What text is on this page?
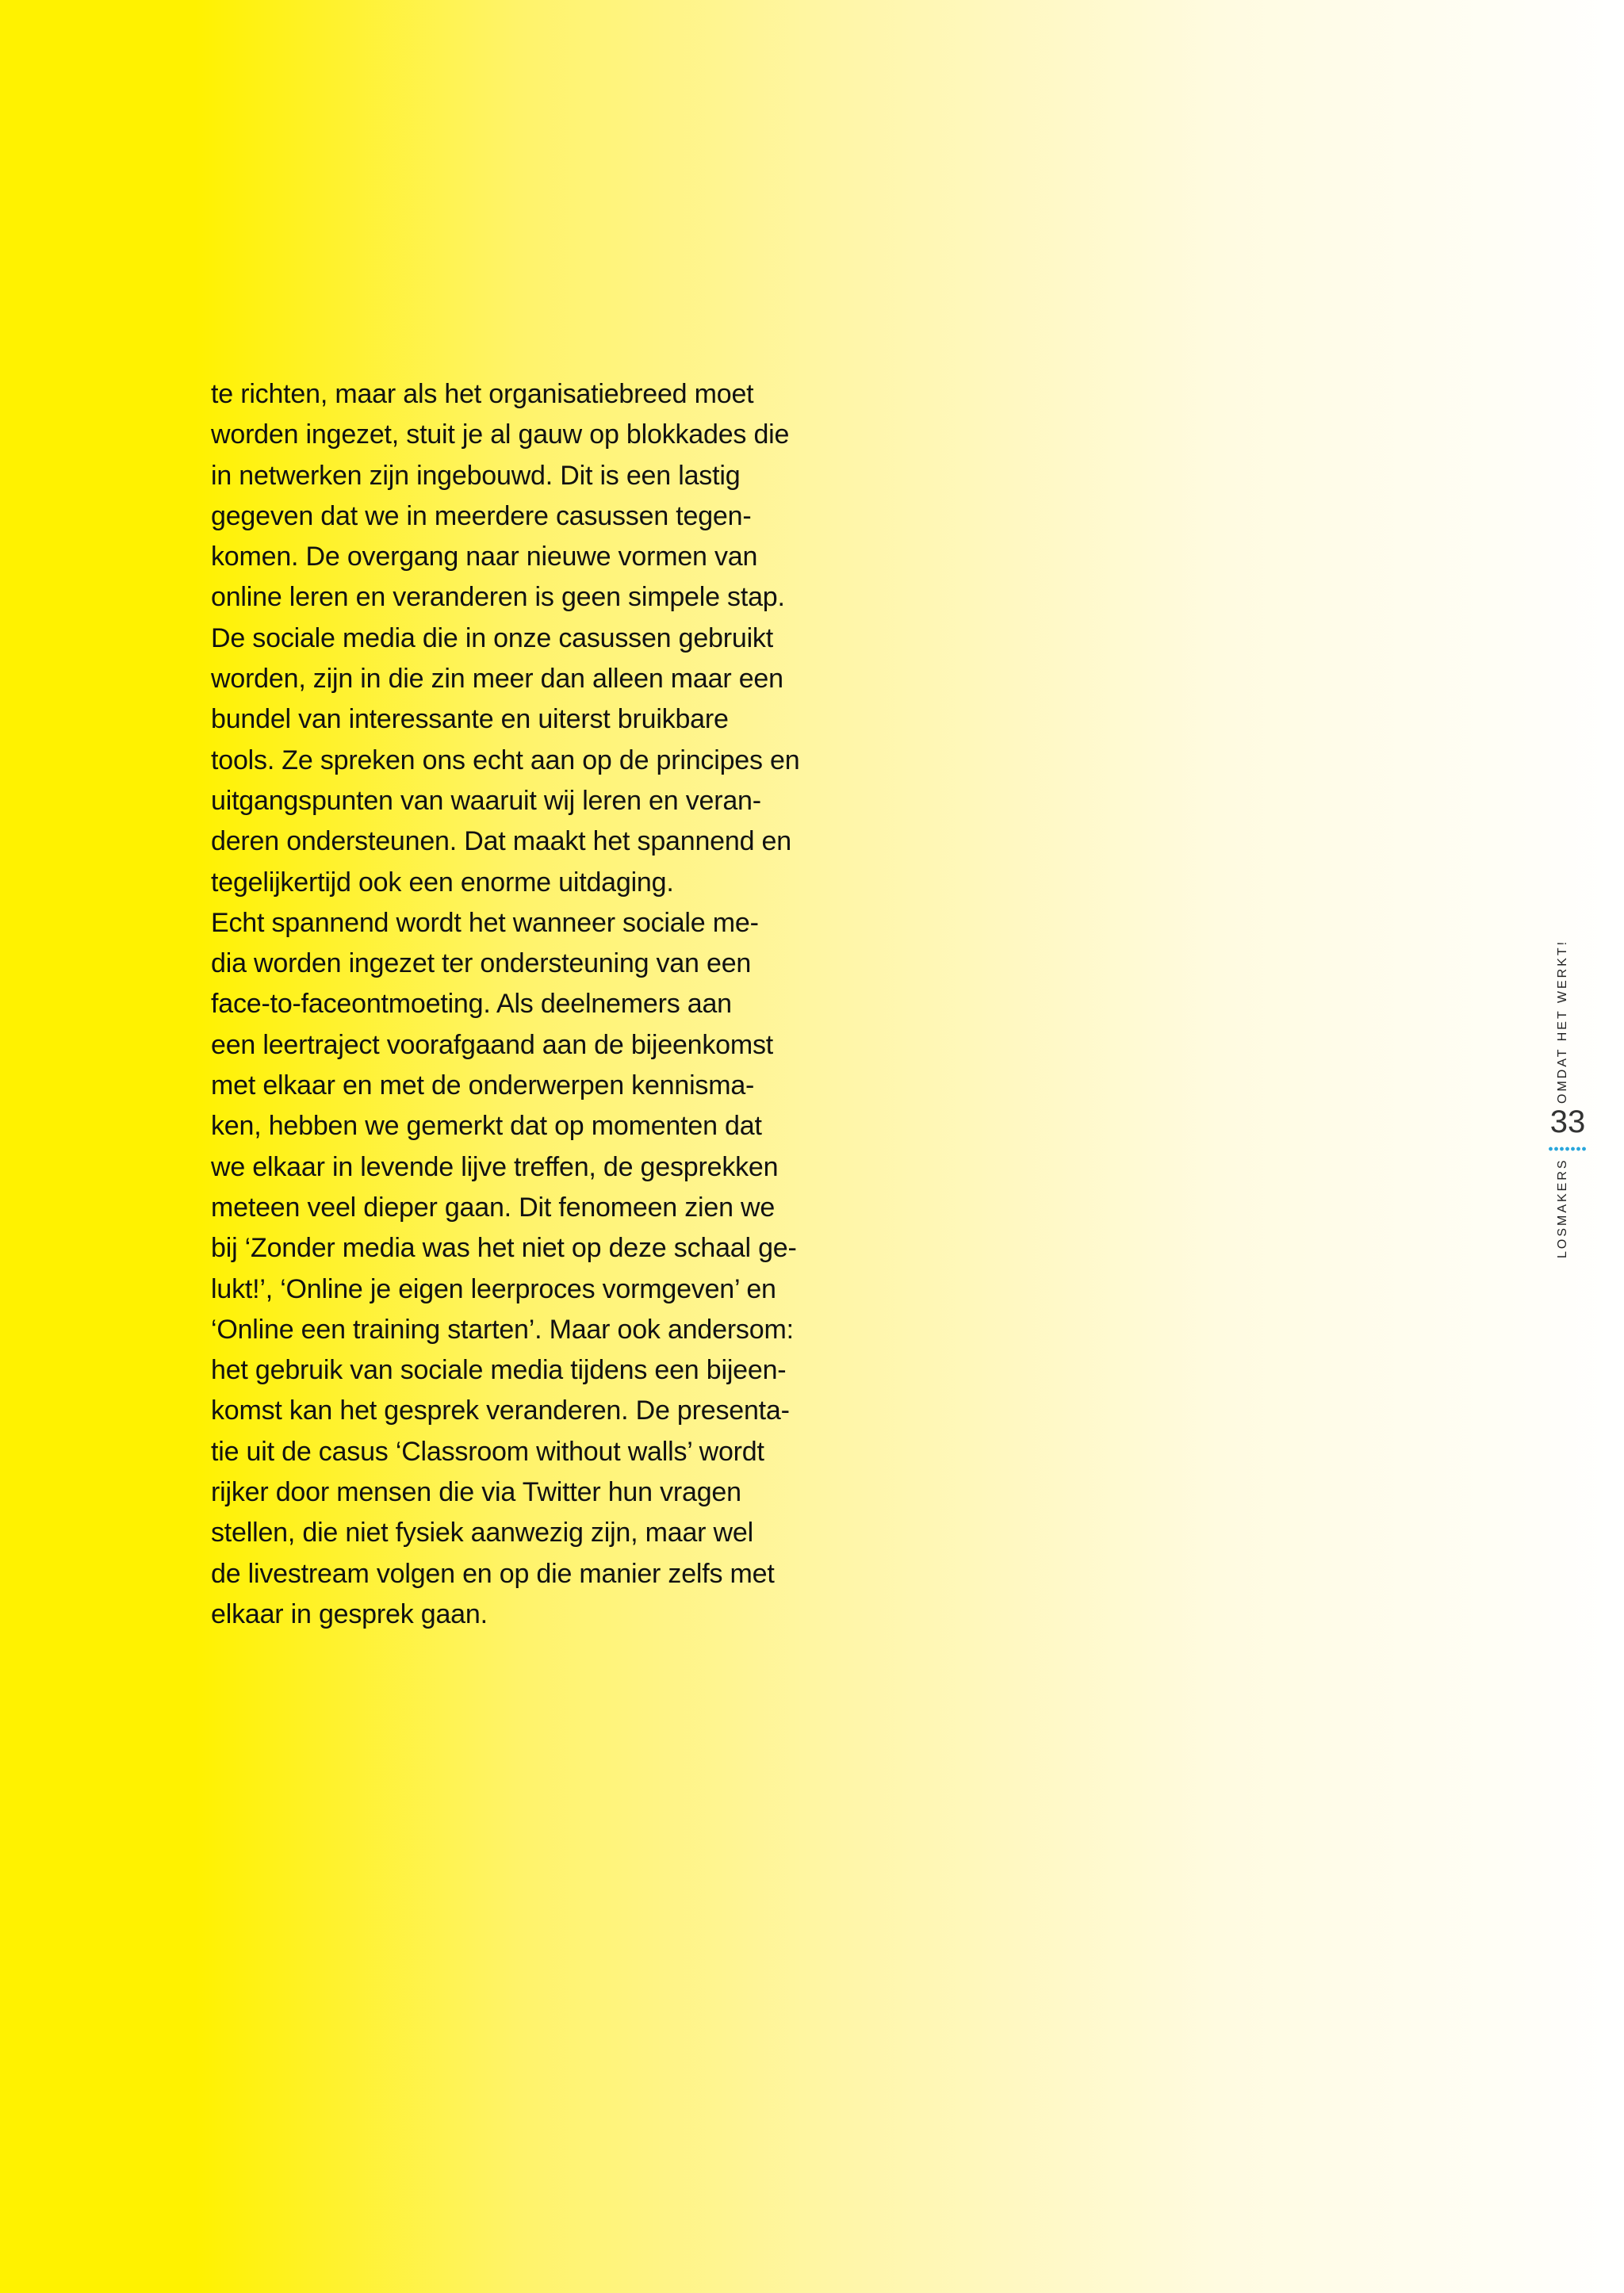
te richten, maar als het organisatiebreed moet
worden ingezet, stuit je al gauw op blokkades die
in netwerken zijn ingebouwd. Dit is een lastig
gegeven dat we in meerdere casussen tegen-
komen. De overgang naar nieuwe vormen van
online leren en veranderen is geen simpele stap.
De sociale media die in onze casussen gebruikt
worden, zijn in die zin meer dan alleen maar een
bundel van interessante en uiterst bruikbare
tools. Ze spreken ons echt aan op de principes en
uitgangspunten van waaruit wij leren en veran-
deren ondersteunen. Dat maakt het spannend en
tegelijkertijd ook een enorme uitdaging.
Echt spannend wordt het wanneer sociale me-
dia worden ingezet ter ondersteuning van een
face-to-faceontmoeting. Als deelnemers aan
een leertraject voorafgaand aan de bijeenkomst
met elkaar en met de onderwerpen kennisma-
ken, hebben we gemerkt dat op momenten dat
we elkaar in levende lijve treffen, de gesprekken
meteen veel dieper gaan. Dit fenomeen zien we
bij ‘Zonder media was het niet op deze schaal ge-
lukt!’, ‘Online je eigen leerproces vormgeven’ en
‘Online een training starten’. Maar ook andersom:
het gebruik van sociale media tijdens een bijeen-
komst kan het gesprek veranderen. De presenta-
tie uit de casus ‘Classroom without walls’ wordt
rijker door mensen die via Twitter hun vragen
stellen, die niet fysiek aanwezig zijn, maar wel
de livestream volgen en op die manier zelfs met
elkaar in gesprek gaan.
OMDAT HET WERKT!
33
LOSMAKERS
